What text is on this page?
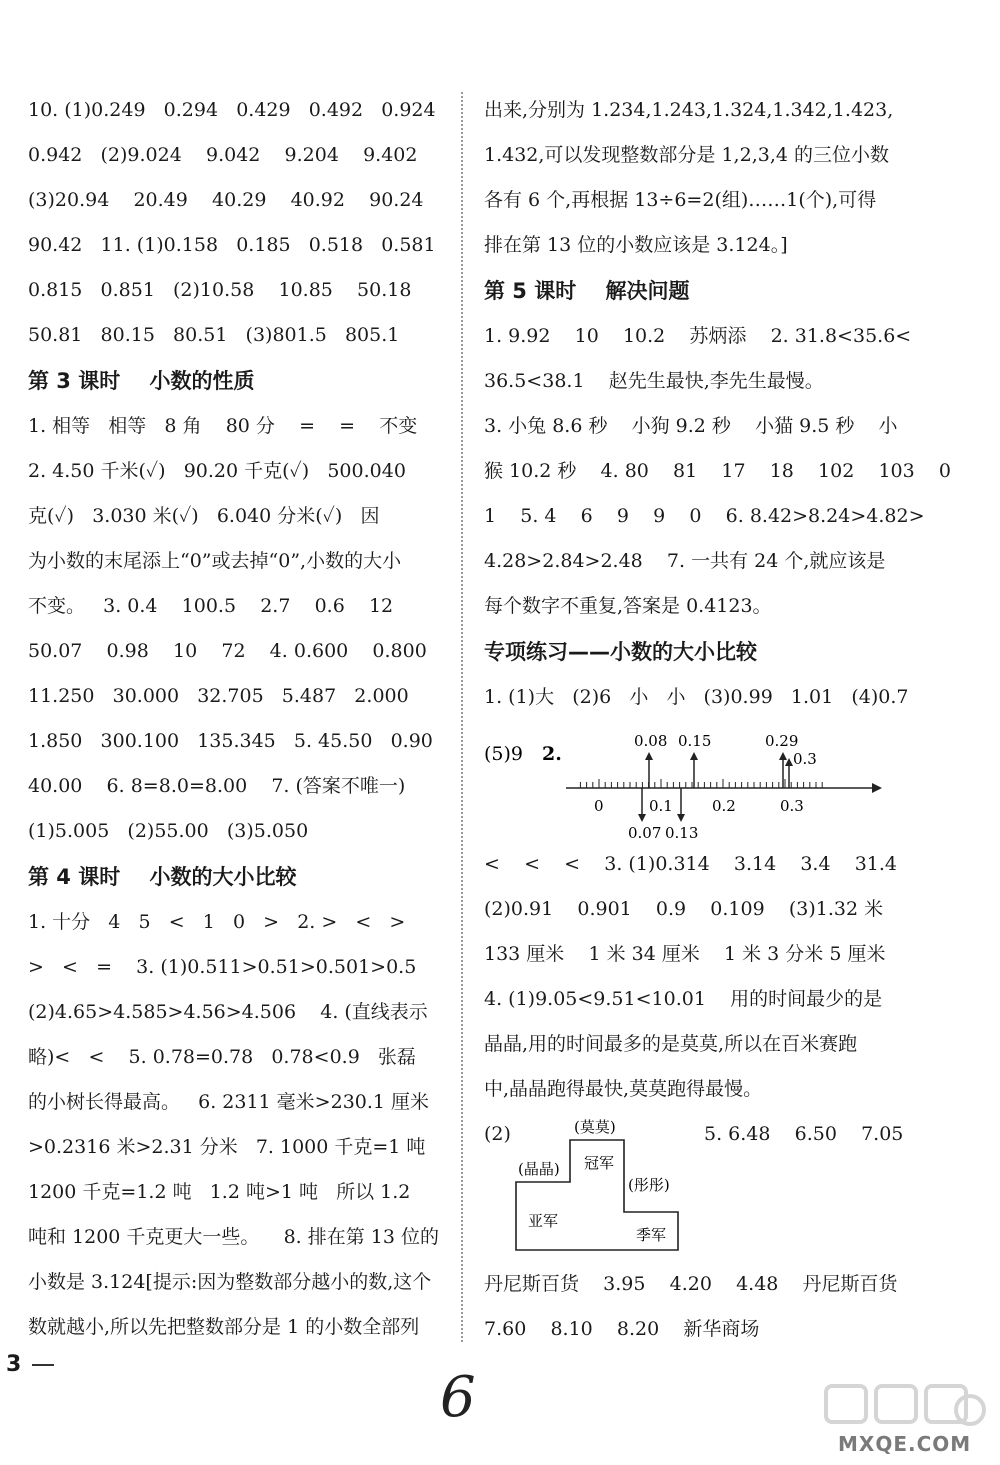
10. (1)0.249   0.294   0.429   0.492   0.924
0.942   (2)9.024    9.042    9.204    9.402
(3)20.94    20.49    40.29    40.92    90.24
90.42   11. (1)0.158   0.185   0.518   0.581
0.815   0.851   (2)10.58    10.85    50.18
50.81   80.15   80.51   (3)801.5   805.1
第 3 课时    小数的性质
1. 相等   相等   8 角    80 分    =    =    不变
2. 4.50 千米(✓)   90.20 千克(✓)   500.040
克(✓)   3.030 米(✓)   6.040 分米(✓)   因
为小数的末尾添上“0”或去掉“0”,小数的大小
不变。   3. 0.4    100.5    2.7    0.6    12
50.07    0.98    10    72    4. 0.600    0.800
11.250   30.000   32.705   5.487   2.000
1.850   300.100   135.345   5. 45.50   0.90
40.00    6. 8=8.0=8.00    7. (答案不唯一)
(1)5.005   (2)55.00   (3)5.050
第 4 课时    小数的大小比较
1. 十分   4   5   <   1   0   >   2. >   <   >
>   <   =    3. (1)0.511>0.51>0.501>0.5
(2)4.65>4.585>4.56>4.506    4. (直线表示
略)<   <    5. 0.78=0.78   0.78<0.9   张磊
的小树长得最高。   6. 2311 毫米>230.1 厘米
>0.2316 米>2.31 分米   7. 1000 千克=1 吨
1200 千克=1.2 吨   1.2 吨>1 吨   所以 1.2
吨和 1200 千克更大一些。    8. 排在第 13 位的
小数是 3.124[提示:因为整数部分越小的数,这个
数就越小,所以先把整数部分是 1 的小数全部列
出来,分别为 1.234,1.243,1.324,1.342,1.423,
1.432,可以发现整数部分是 1,2,3,4 的三位小数
各有 6 个,再根据 13÷6=2(组)……1(个),可得
排在第 13 位的小数应该是 3.124。]
第 5 课时    解决问题
1. 9.92    10    10.2    苏炳添    2. 31.8<35.6<
36.5<38.1    赵先生最快,李先生最慢。
3. 小兔 8.6 秒    小狗 9.2 秒    小猫 9.5 秒    小
猴 10.2 秒    4. 80    81    17    18    102    103    0
1    5. 4    6    9    9    0    6. 8.42>8.24>4.82>
4.28>2.84>2.48    7. 一共有 24 个,就应该是
每个数字不重复,答案是 0.4123。
专项练习——小数的大小比较
1. (1)大   (2)6   小   小   (3)0.99   1.01   (4)0.7
(5)9 2.
0	0.1	0.2	0.3
0.08 0.15	0.29
0.3
0.07 0.13
<    <    <    3. (1)0.314    3.14    3.4    31.4
(2)0.91    0.901    0.9    0.109    (3)1.32 米
133 厘米    1 米 34 厘米    1 米 3 分米 5 厘米
4. (1)9.05<9.51<10.01    用的时间最少的是
晶晶,用的时间最多的是莫莫,所以在百米赛跑
中,晶晶跑得最快,莫莫跑得最慢。
(2)	5. 6.48    6.50    7.05
(莫莫)
(晶晶)
(彤彤)
冠军
亚军
季军
丹尼斯百货    3.95    4.20    4.48    丹尼斯百货
7.60    8.10    8.20    新华商场
3
6
MXQE.COM
